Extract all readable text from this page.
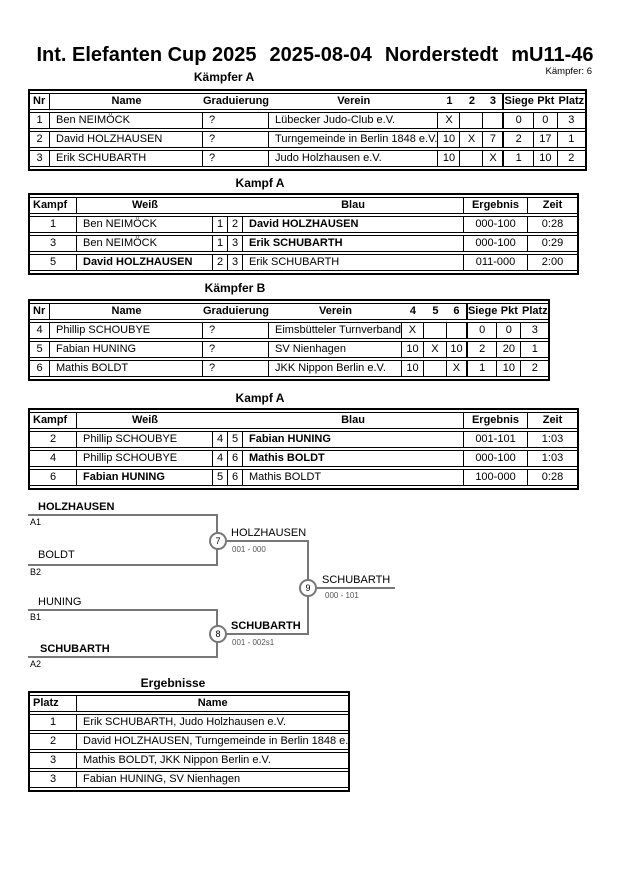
Int. Elefanten Cup 2025 2025-08-04 Norderstedt mU11-46
Kämpfer: 6
Kämpfer A
Nr	Name	Graduierung	Verein	1	2	3	Siege	Pkt	Platz
1	Ben NEIMÖCK	?	Lübecker Judo-Club e.V.	X			0	0	3
2	David HOLZHAUSEN	?	Turngemeinde in Berlin 1848 e.V.	10	X	7	2	17	1
3	Erik SCHUBARTH	?	Judo Holzhausen e.V.	10		X	1	10	2
Kampf A
Kampf	Weiß			Blau	Ergebnis	Zeit
1	Ben NEIMÖCK	1	2	David HOLZHAUSEN	000-100	0:28
3	Ben NEIMÖCK	1	3	Erik SCHUBARTH	000-100	0:29
5	David HOLZHAUSEN	2	3	Erik SCHUBARTH	011-000	2:00
Kämpfer B
Nr	Name	Graduierung	Verein	4	5	6	Siege	Pkt	Platz
4	Phillip SCHOUBYE	?	Eimsbütteler Turnverband	X			0	0	3
5	Fabian HUNING	?	SV Nienhagen	10	X	10	2	20	1
6	Mathis BOLDT	?	JKK Nippon Berlin e.V.	10		X	1	10	2
Kampf A
Kampf	Weiß			Blau	Ergebnis	Zeit
2	Phillip SCHOUBYE	4	5	Fabian HUNING	001-101	1:03
4	Phillip SCHOUBYE	4	6	Mathis BOLDT	000-100	1:03
6	Fabian HUNING	5	6	Mathis BOLDT	100-000	0:28
HOLZHAUSEN
A1
BOLDT
B2
7
HOLZHAUSEN
001 - 000
HUNING
B1
SCHUBARTH
A2
8
SCHUBARTH
001 - 002s1
9
SCHUBARTH
000 - 101
Ergebnisse
Platz	Name
1	Erik SCHUBARTH, Judo Holzhausen e.V.
2	David HOLZHAUSEN, Turngemeinde in Berlin 1848 e.
3	Mathis BOLDT, JKK Nippon Berlin e.V.
3	Fabian HUNING, SV Nienhagen
